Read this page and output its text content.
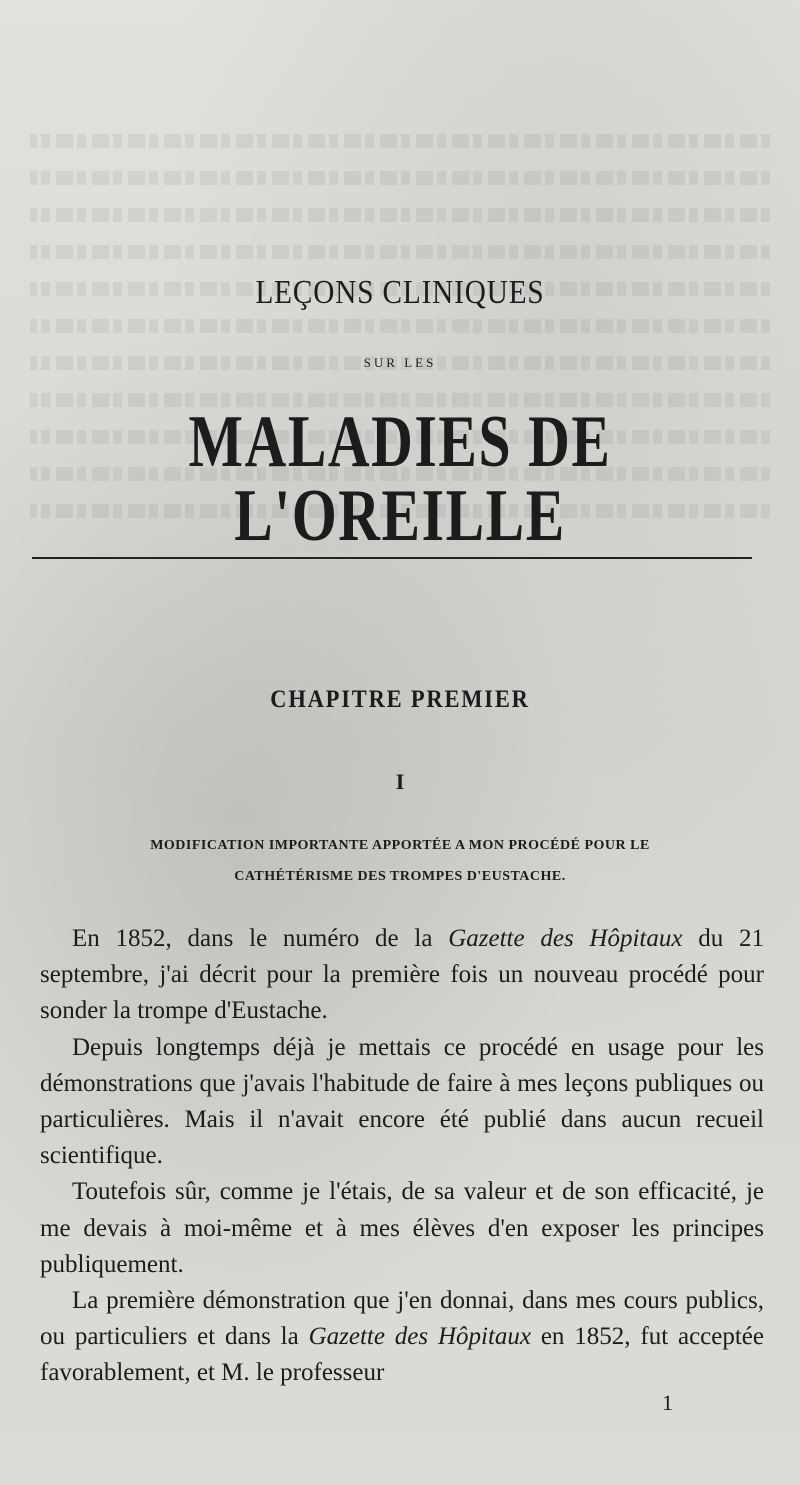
LEÇONS CLINIQUES
SUR LES
MALADIES DE L'OREILLE
CHAPITRE PREMIER
I
MODIFICATION IMPORTANTE APPORTÉE A MON PROCÉDÉ POUR LE
CATHÉTÉRISME DES TROMPES D'EUSTACHE.

En 1852, dans le numéro de la Gazette des Hôpitaux du 21 septembre, j'ai décrit pour la première fois un nouveau procédé pour sonder la trompe d'Eustache.

Depuis longtemps déjà je mettais ce procédé en usage pour les démonstrations que j'avais l'habitude de faire à mes leçons publiques ou particulières. Mais il n'avait encore été publié dans aucun recueil scientifique.

Toutefois sûr, comme je l'étais, de sa valeur et de son efficacité, je me devais à moi-même et à mes élèves d'en exposer les principes publiquement.

La première démonstration que j'en donnai, dans mes cours publics, ou particuliers et dans la Gazette des Hôpitaux en 1852, fut acceptée favorablement, et M. le professeur

1
